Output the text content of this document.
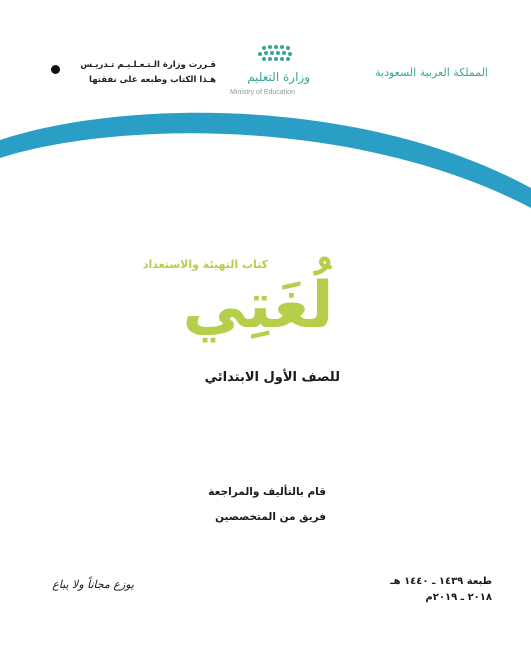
المملكة العربية السعودية
وزارة التعليم
Ministry of Education
قـررت وزارة الـتـعـلـيـم تـدريـس
هـذا الكتاب وطبعه على نفقتها
كتاب التهيئة والاستعداد
لُغَتِي
للصف الأول الابتدائي
قام بالتأليف والمراجعة
فريق من المتخصصين
طبعة ١٤٣٩ ـ ١٤٤٠ هـ
٢٠١٨ ـ ٢٠١٩م
يوزع مجاناً ولا يباع
